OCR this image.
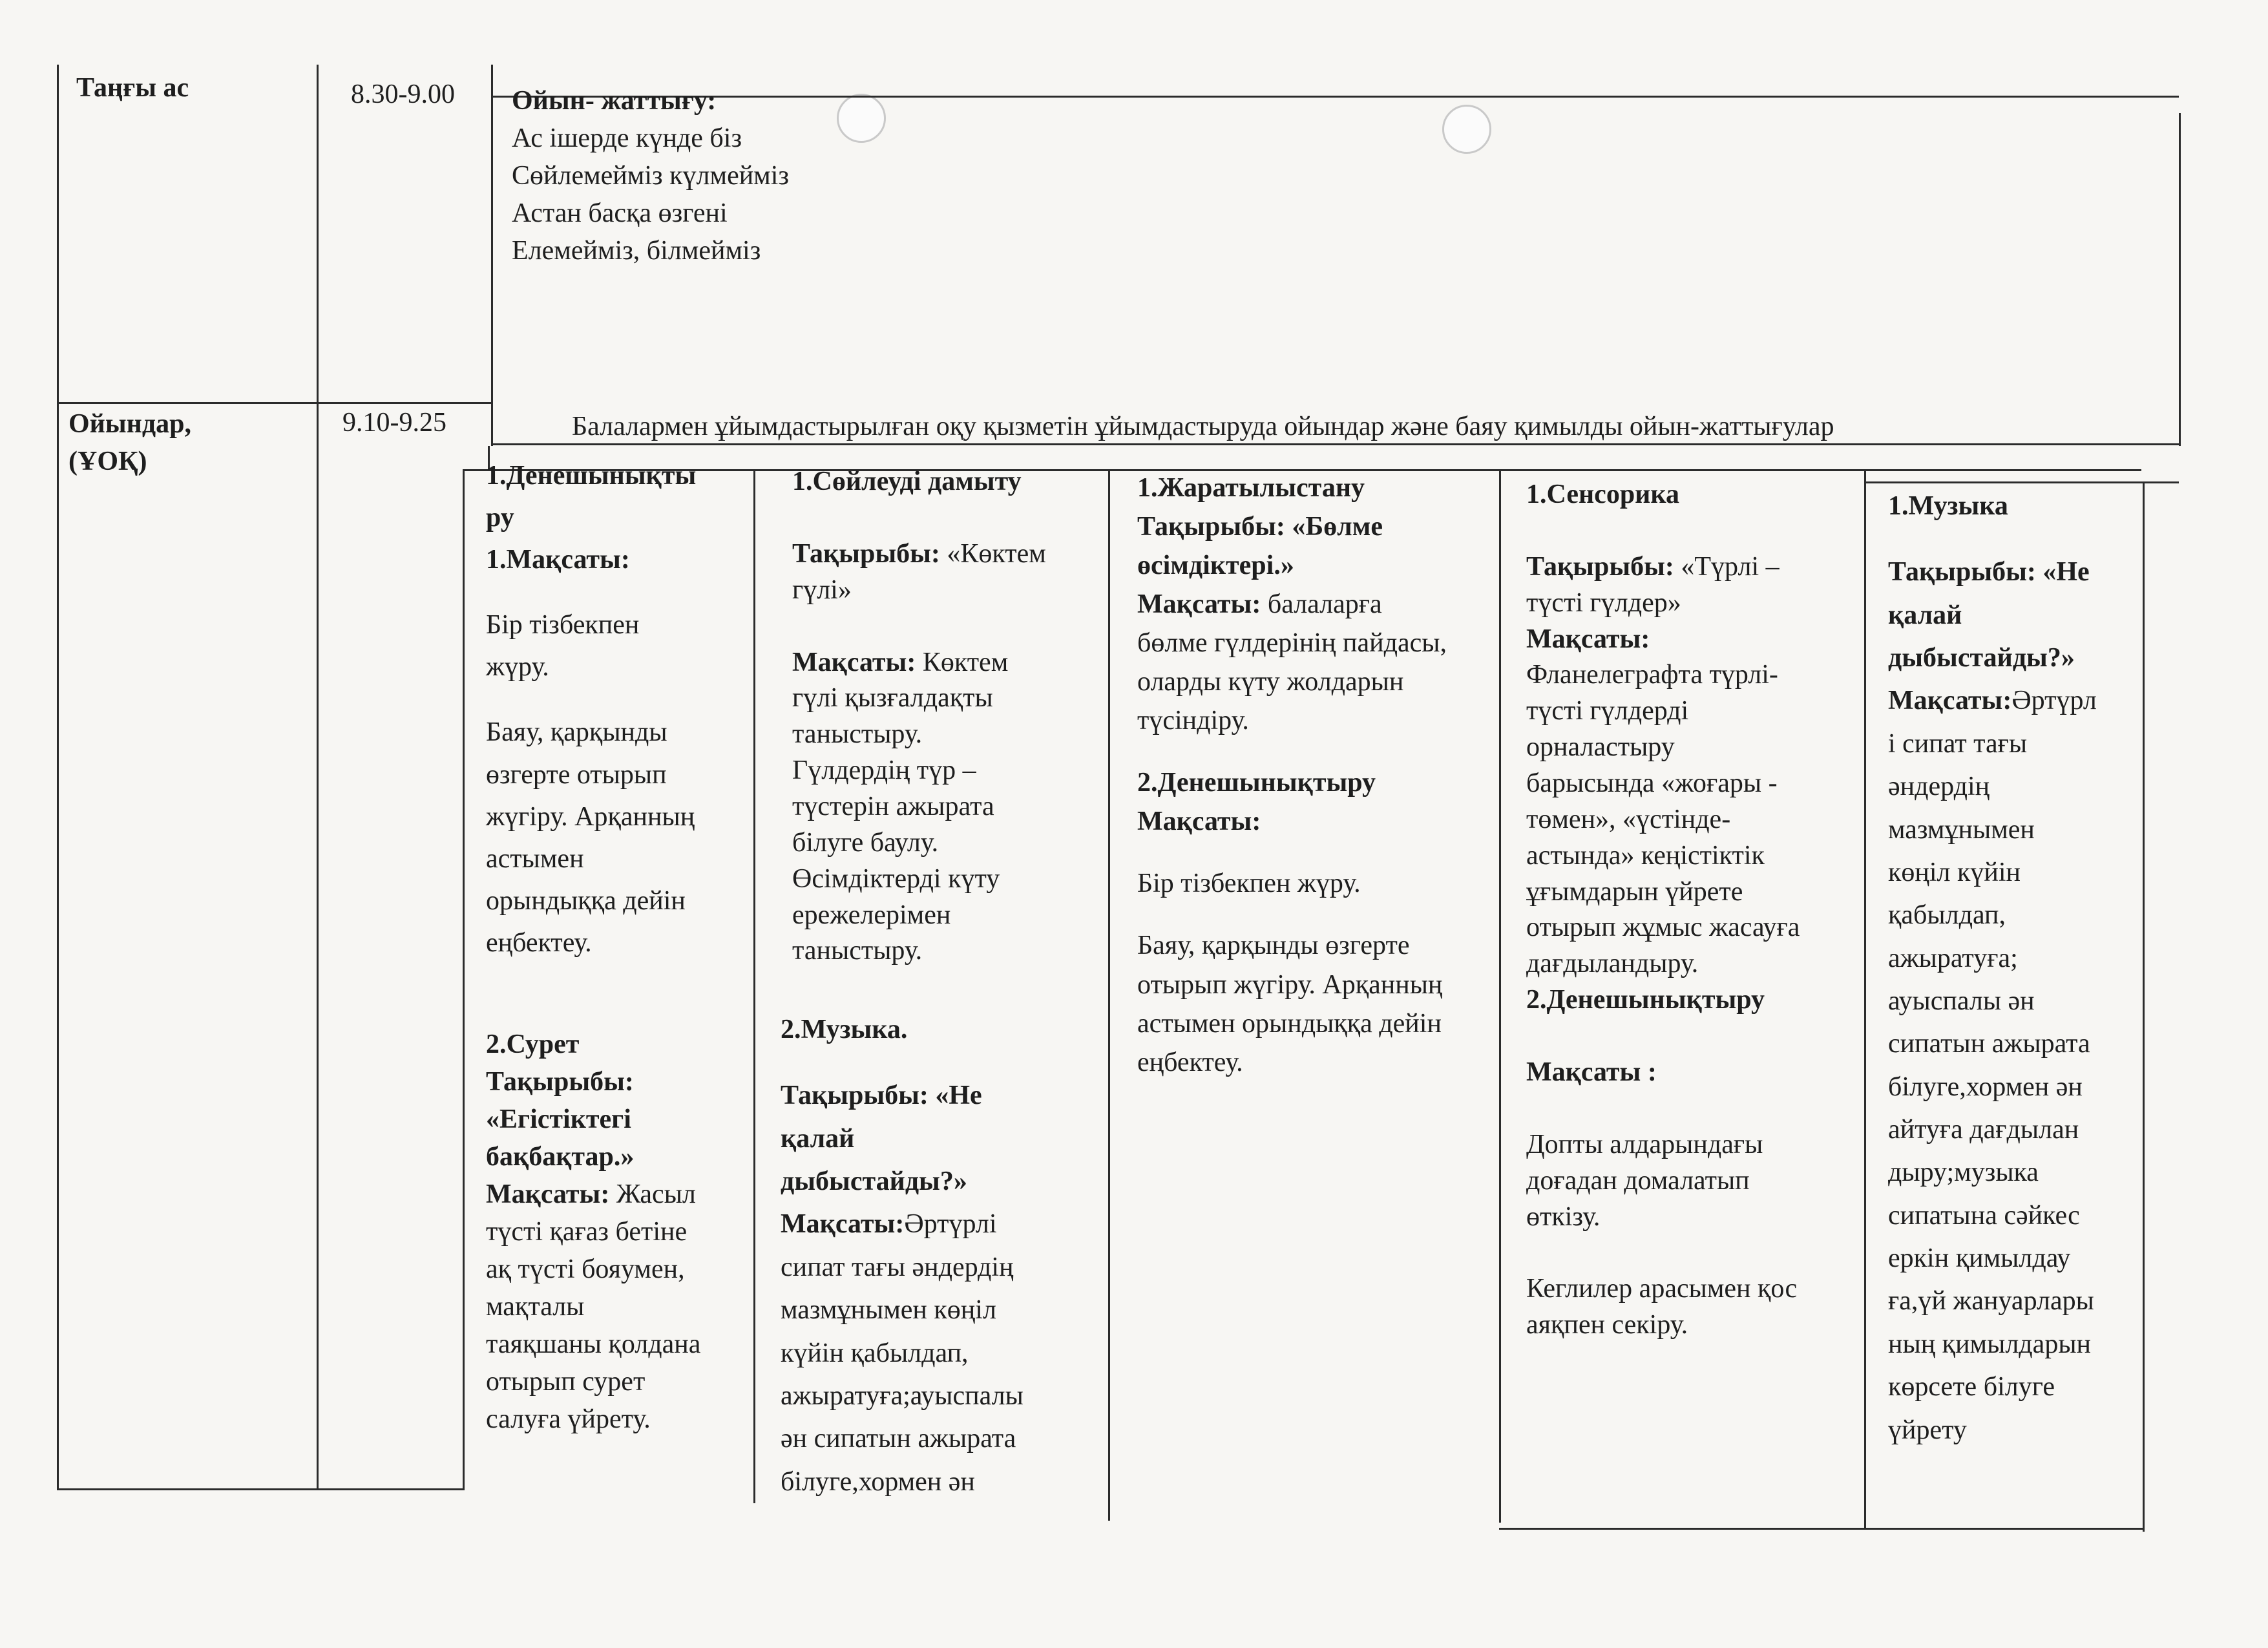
Таңғы ас	8.30-9.00 Ойын- жаттығу:

Ас ішерде күнде біз

Сөйлемейміз күлмейміз

Астан басқа өзгені

Елемейміз, білмейміз

Ойындар,

(ҰОҚ)

9.10-9.25	Балалармен ұйымдастырылған оқу қызметін ұйымдастыруда ойындар және баяу қимылды ойын-жаттығулар

1.Денешынықты

ру

1.Мақсаты:

Бір тізбекпен

жүру.

Баяу, қарқынды

өзгерте отырып

жүгіру. Арқанның

астымен

орындыққа дейін

еңбектеу.

2.Сурет

Тақырыбы:

«Егістіктегі

бақбақтар.»

Мақсаты: Жасыл

түсті қағаз бетіне

ақ түсті бояумен,

мақталы

таяқшаны қолдана

отырып сурет

салуға үйрету.

1.Сөйлеуді дамыту

Тақырыбы: «Көктем

гүлі»

Мақсаты: Көктем

гүлі қызғалдақты

таныстыру.

Гүлдердің түр –

түстерін ажырата

білуге баулу.

Өсімдіктерді күту

ережелерімен

таныстыру.

2.Музыка.

Тақырыбы: «Не

қалай

дыбыстайды?»

Мақсаты:Әртүрлі

сипат тағы әндердің

мазмұнымен көңіл

күйін қабылдап,

ажыратуға;ауыспалы

ән сипатын ажырата

білуге,хормен ән

1.Жаратылыстану

Тақырыбы: «Бөлме

өсімдіктері.»

Мақсаты: балаларға

бөлме гүлдерінің пайдасы,

оларды күту жолдарын

түсіндіру.

2.Денешынықтыру

Мақсаты:

Бір тізбекпен жүру.

Баяу, қарқынды өзгерте

отырып жүгіру. Арқанның

астымен орындыққа дейін

еңбектеу.

1.Сенсорика

Тақырыбы: «Түрлі –

түсті гүлдер»

Мақсаты:

Фланелеграфта түрлі-

түсті гүлдерді

орналастыру

барысында «жоғары -

төмен», «үстінде-

астында» кеңістіктік

ұғымдарын үйрете

отырып жұмыс жасауға

дағдыландыру.

2.Денешынықтыру

Мақсаты :

Допты алдарындағы

доғадан домалатып

өткізу.

Кеглилер арасымен қос

аяқпен секіру.

1.Музыка

Тақырыбы: «Не

қалай

дыбыстайды?»

Мақсаты:Әртүрл

і сипат тағы

әндердің

мазмұнымен

көңіл күйін

қабылдап,

ажыратуға;

ауыспалы ән

сипатын ажырата

білуге,хормен ән

айтуға дағдылан

дыру;музыка

сипатына сәйкес

еркін қимылдау

ға,үй жануарлары

ның қимылдарын

көрсете білуге

үйрету
